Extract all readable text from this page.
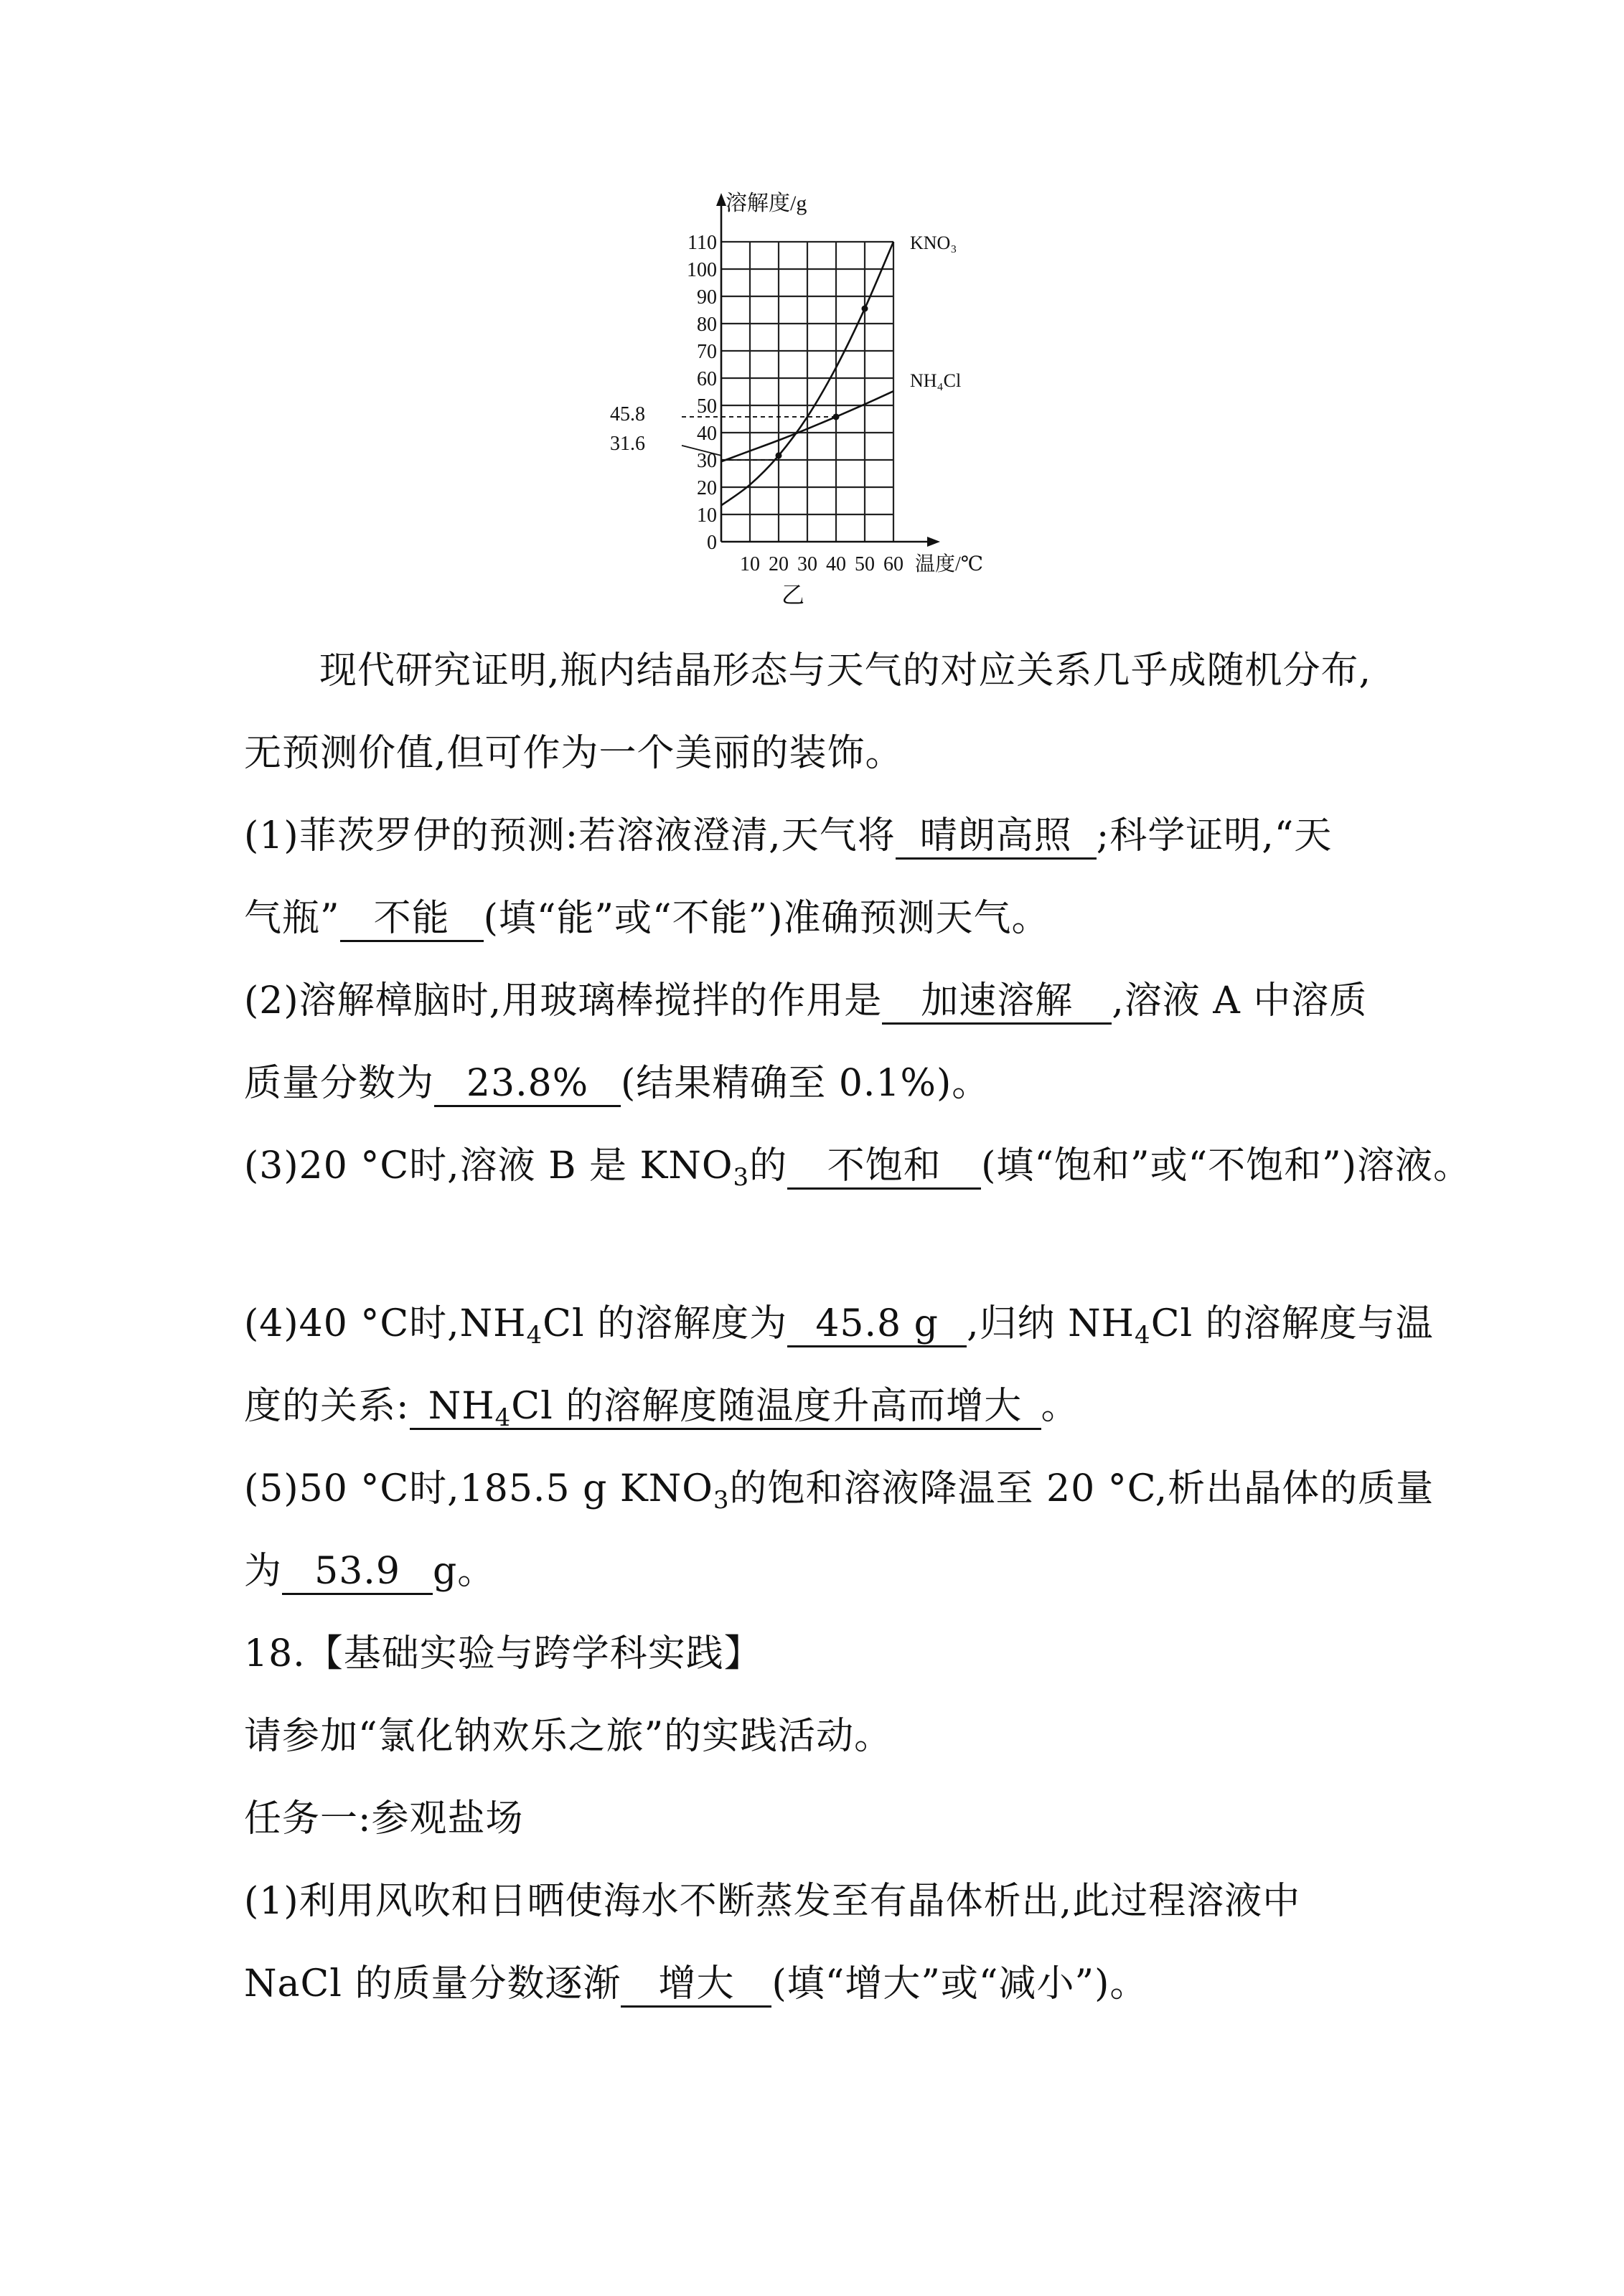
0
10
20
30
40
50
60
70
80
90
100
110
10 20 30 40 50 60
溶解度/g
温度/℃
乙
45.8
31.6
KNO₃
NH₄Cl
现代研究证明,瓶内结晶形态与天气的对应关系几乎成随机分布,
无预测价值,但可作为一个美丽的装饰。
(1)菲茨罗伊的预测:若溶液澄清,天气将 晴朗高照 ;科学证明,“天
气瓶” 不能 (填“能”或“不能”)准确预测天气。
(2)溶解樟脑时,用玻璃棒搅拌的作用是 加速溶解 ,溶液 A 中溶质
质量分数为 23.8% (结果精确至 0.1%)。
(3)20 °C时,溶液 B 是 $KNO_3$的 不饱和 (填“饱和”或“不饱和”)溶液。
(4)40 °C时$,NH_4Cl$ 的溶解度为 45.8 g ,归纳 $NH_4Cl$ 的溶解度与温
度的关系: $NH_4Cl$ 的溶解度随温度升高而增大 。
(5)50 °C时,185.5 g $KNO_3$的饱和溶液降温至 20 °C,析出晶体的质量
为 53.9 g。
18.【基础实验与跨学科实践】
请参加“氯化钠欢乐之旅”的实践活动。
任务一:参观盐场
(1)利用风吹和日晒使海水不断蒸发至有晶体析出,此过程溶液中
NaCl 的质量分数逐渐 增大 (填“增大”或“减小”)。
